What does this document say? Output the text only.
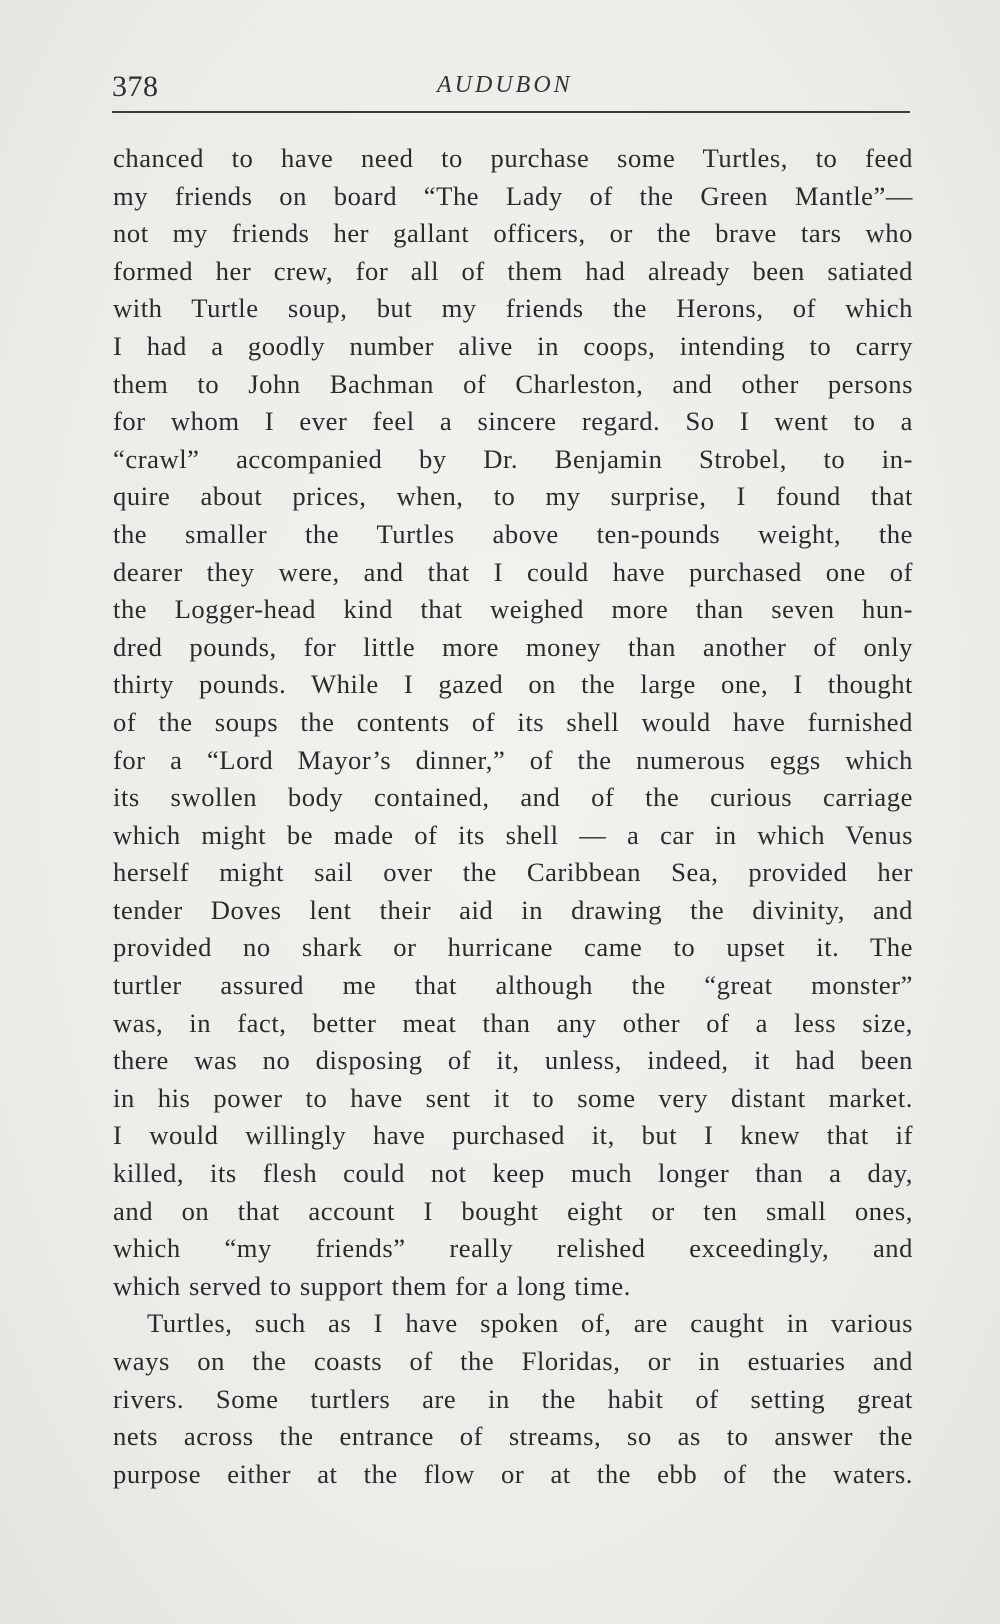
378	AUDUBON
chanced to have need to purchase some Turtles, to feed
my friends on board “The Lady of the Green Mantle”—
not my friends her gallant officers, or the brave tars who
formed her crew, for all of them had already been satiated
with Turtle soup, but my friends the Herons, of which
I had a goodly number alive in coops, intending to carry
them to John Bachman of Charleston, and other persons
for whom I ever feel a sincere regard. So I went to a
“crawl” accompanied by Dr. Benjamin Strobel, to in-
quire about prices, when, to my surprise, I found that
the smaller the Turtles above ten-pounds weight, the
dearer they were, and that I could have purchased one of
the Logger-head kind that weighed more than seven hun-
dred pounds, for little more money than another of only
thirty pounds. While I gazed on the large one, I thought
of the soups the contents of its shell would have furnished
for a “Lord Mayor’s dinner,” of the numerous eggs which
its swollen body contained, and of the curious carriage
which might be made of its shell — a car in which Venus
herself might sail over the Caribbean Sea, provided her
tender Doves lent their aid in drawing the divinity, and
provided no shark or hurricane came to upset it. The
turtler assured me that although the “great monster”
was, in fact, better meat than any other of a less size,
there was no disposing of it, unless, indeed, it had been
in his power to have sent it to some very distant market.
I would willingly have purchased it, but I knew that if
killed, its flesh could not keep much longer than a day,
and on that account I bought eight or ten small ones,
which “my friends” really relished exceedingly, and
which served to support them for a long time.
Turtles, such as I have spoken of, are caught in various
ways on the coasts of the Floridas, or in estuaries and
rivers. Some turtlers are in the habit of setting great
nets across the entrance of streams, so as to answer the
purpose either at the flow or at the ebb of the waters.
